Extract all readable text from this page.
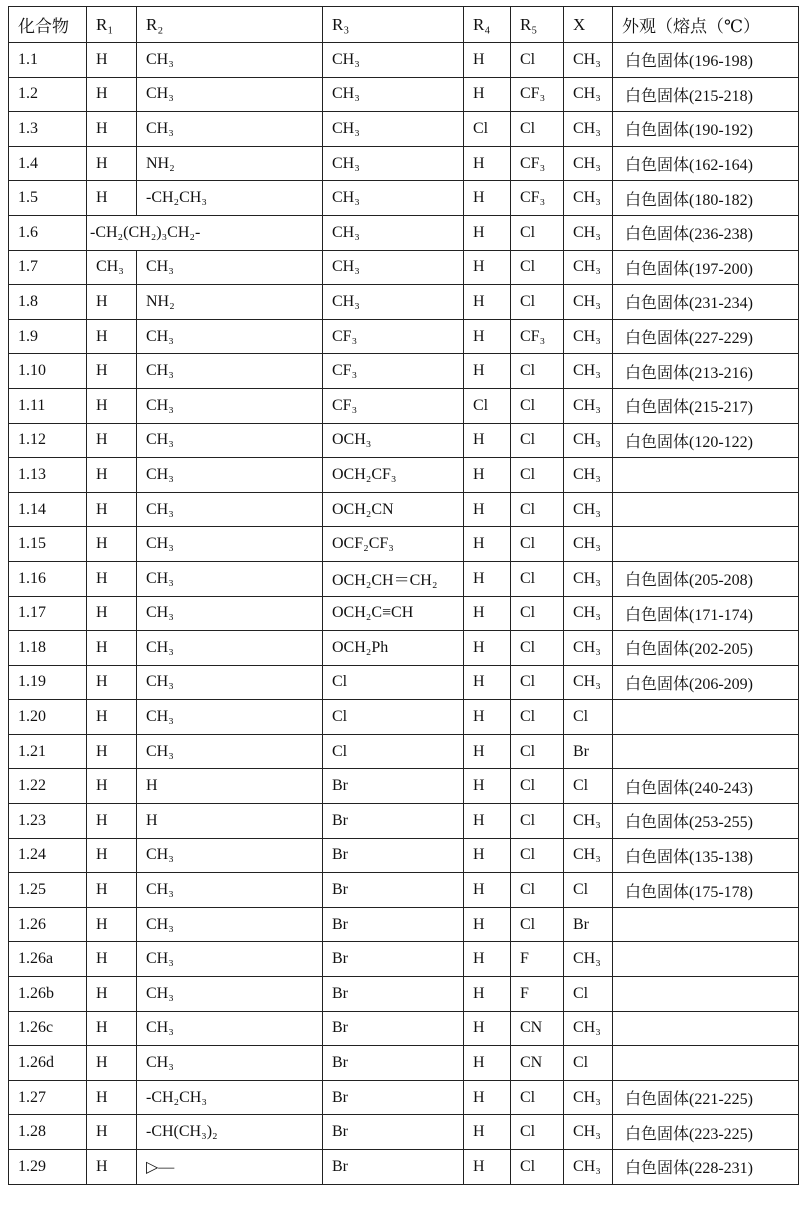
化合物	R₁	R₂	R₃	R₄	R₅	X	外观（熔点（℃）
1.1	H	CH₃	CH₃	H	Cl	CH₃	白色固体(196-198)
1.2	H	CH₃	CH₃	H	CF₃	CH₃	白色固体(215-218)
1.3	H	CH₃	CH₃	Cl	Cl	CH₃	白色固体(190-192)
1.4	H	NH₂	CH₃	H	CF₃	CH₃	白色固体(162-164)
1.5	H	-CH₂CH₃	CH₃	H	CF₃	CH₃	白色固体(180-182)
1.6	-CH₂(CH₂)₃CH₂-	CH₃	H	Cl	CH₃	白色固体(236-238)
1.7	CH₃	CH₃	CH₃	H	Cl	CH₃	白色固体(197-200)
1.8	H	NH₂	CH₃	H	Cl	CH₃	白色固体(231-234)
1.9	H	CH₃	CF₃	H	CF₃	CH₃	白色固体(227-229)
1.10	H	CH₃	CF₃	H	Cl	CH₃	白色固体(213-216)
1.11	H	CH₃	CF₃	Cl	Cl	CH₃	白色固体(215-217)
1.12	H	CH₃	OCH₃	H	Cl	CH₃	白色固体(120-122)
1.13	H	CH₃	OCH₂CF₃	H	Cl	CH₃	
1.14	H	CH₃	OCH₂CN	H	Cl	CH₃	
1.15	H	CH₃	OCF₂CF₃	H	Cl	CH₃	
1.16	H	CH₃	OCH₂CH＝CH₂	H	Cl	CH₃	白色固体(205-208)
1.17	H	CH₃	OCH₂C≡CH	H	Cl	CH₃	白色固体(171-174)
1.18	H	CH₃	OCH₂Ph	H	Cl	CH₃	白色固体(202-205)
1.19	H	CH₃	Cl	H	Cl	CH₃	白色固体(206-209)
1.20	H	CH₃	Cl	H	Cl	Cl	
1.21	H	CH₃	Cl	H	Cl	Br	
1.22	H	H	Br	H	Cl	Cl	白色固体(240-243)
1.23	H	H	Br	H	Cl	CH₃	白色固体(253-255)
1.24	H	CH₃	Br	H	Cl	CH₃	白色固体(135-138)
1.25	H	CH₃	Br	H	Cl	Cl	白色固体(175-178)
1.26	H	CH₃	Br	H	Cl	Br	
1.26a	H	CH₃	Br	H	F	CH₃	
1.26b	H	CH₃	Br	H	F	Cl	
1.26c	H	CH₃	Br	H	CN	CH₃	
1.26d	H	CH₃	Br	H	CN	Cl	
1.27	H	-CH₂CH₃	Br	H	Cl	CH₃	白色固体(221-225)
1.28	H	-CH(CH₃)₂	Br	H	Cl	CH₃	白色固体(223-225)
1.29	H	▷—	Br	H	Cl	CH₃	白色固体(228-231)
